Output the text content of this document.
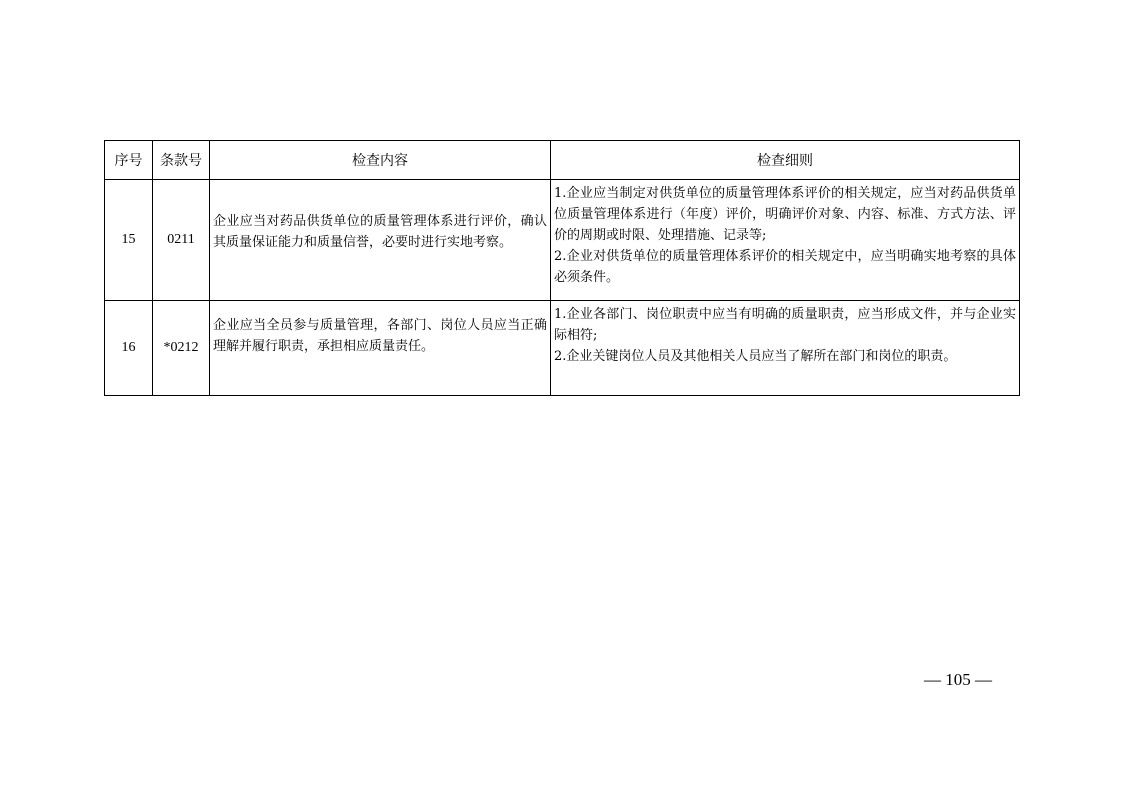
序号	条款号	检查内容	检查细则
15	0211	企业应当对药品供货单位的质量管理体系进行评价，确认其质量保证能力和质量信誉，必要时进行实地考察。	1.企业应当制定对供货单位的质量管理体系评价的相关规定，应当对药品供货单位质量管理体系进行（年度）评价，明确评价对象、内容、标准、方式方法、评价的周期或时限、处理措施、记录等;
2.企业对供货单位的质量管理体系评价的相关规定中，应当明确实地考察的具体必须条件。

16	*0212	企业应当全员参与质量管理，各部门、岗位人员应当正确理解并履行职责，承担相应质量责任。	1.企业各部门、岗位职责中应当有明确的质量职责，应当形成文件，并与企业实际相符;
2.企业关键岗位人员及其他相关人员应当了解所在部门和岗位的职责。
— 105 —
